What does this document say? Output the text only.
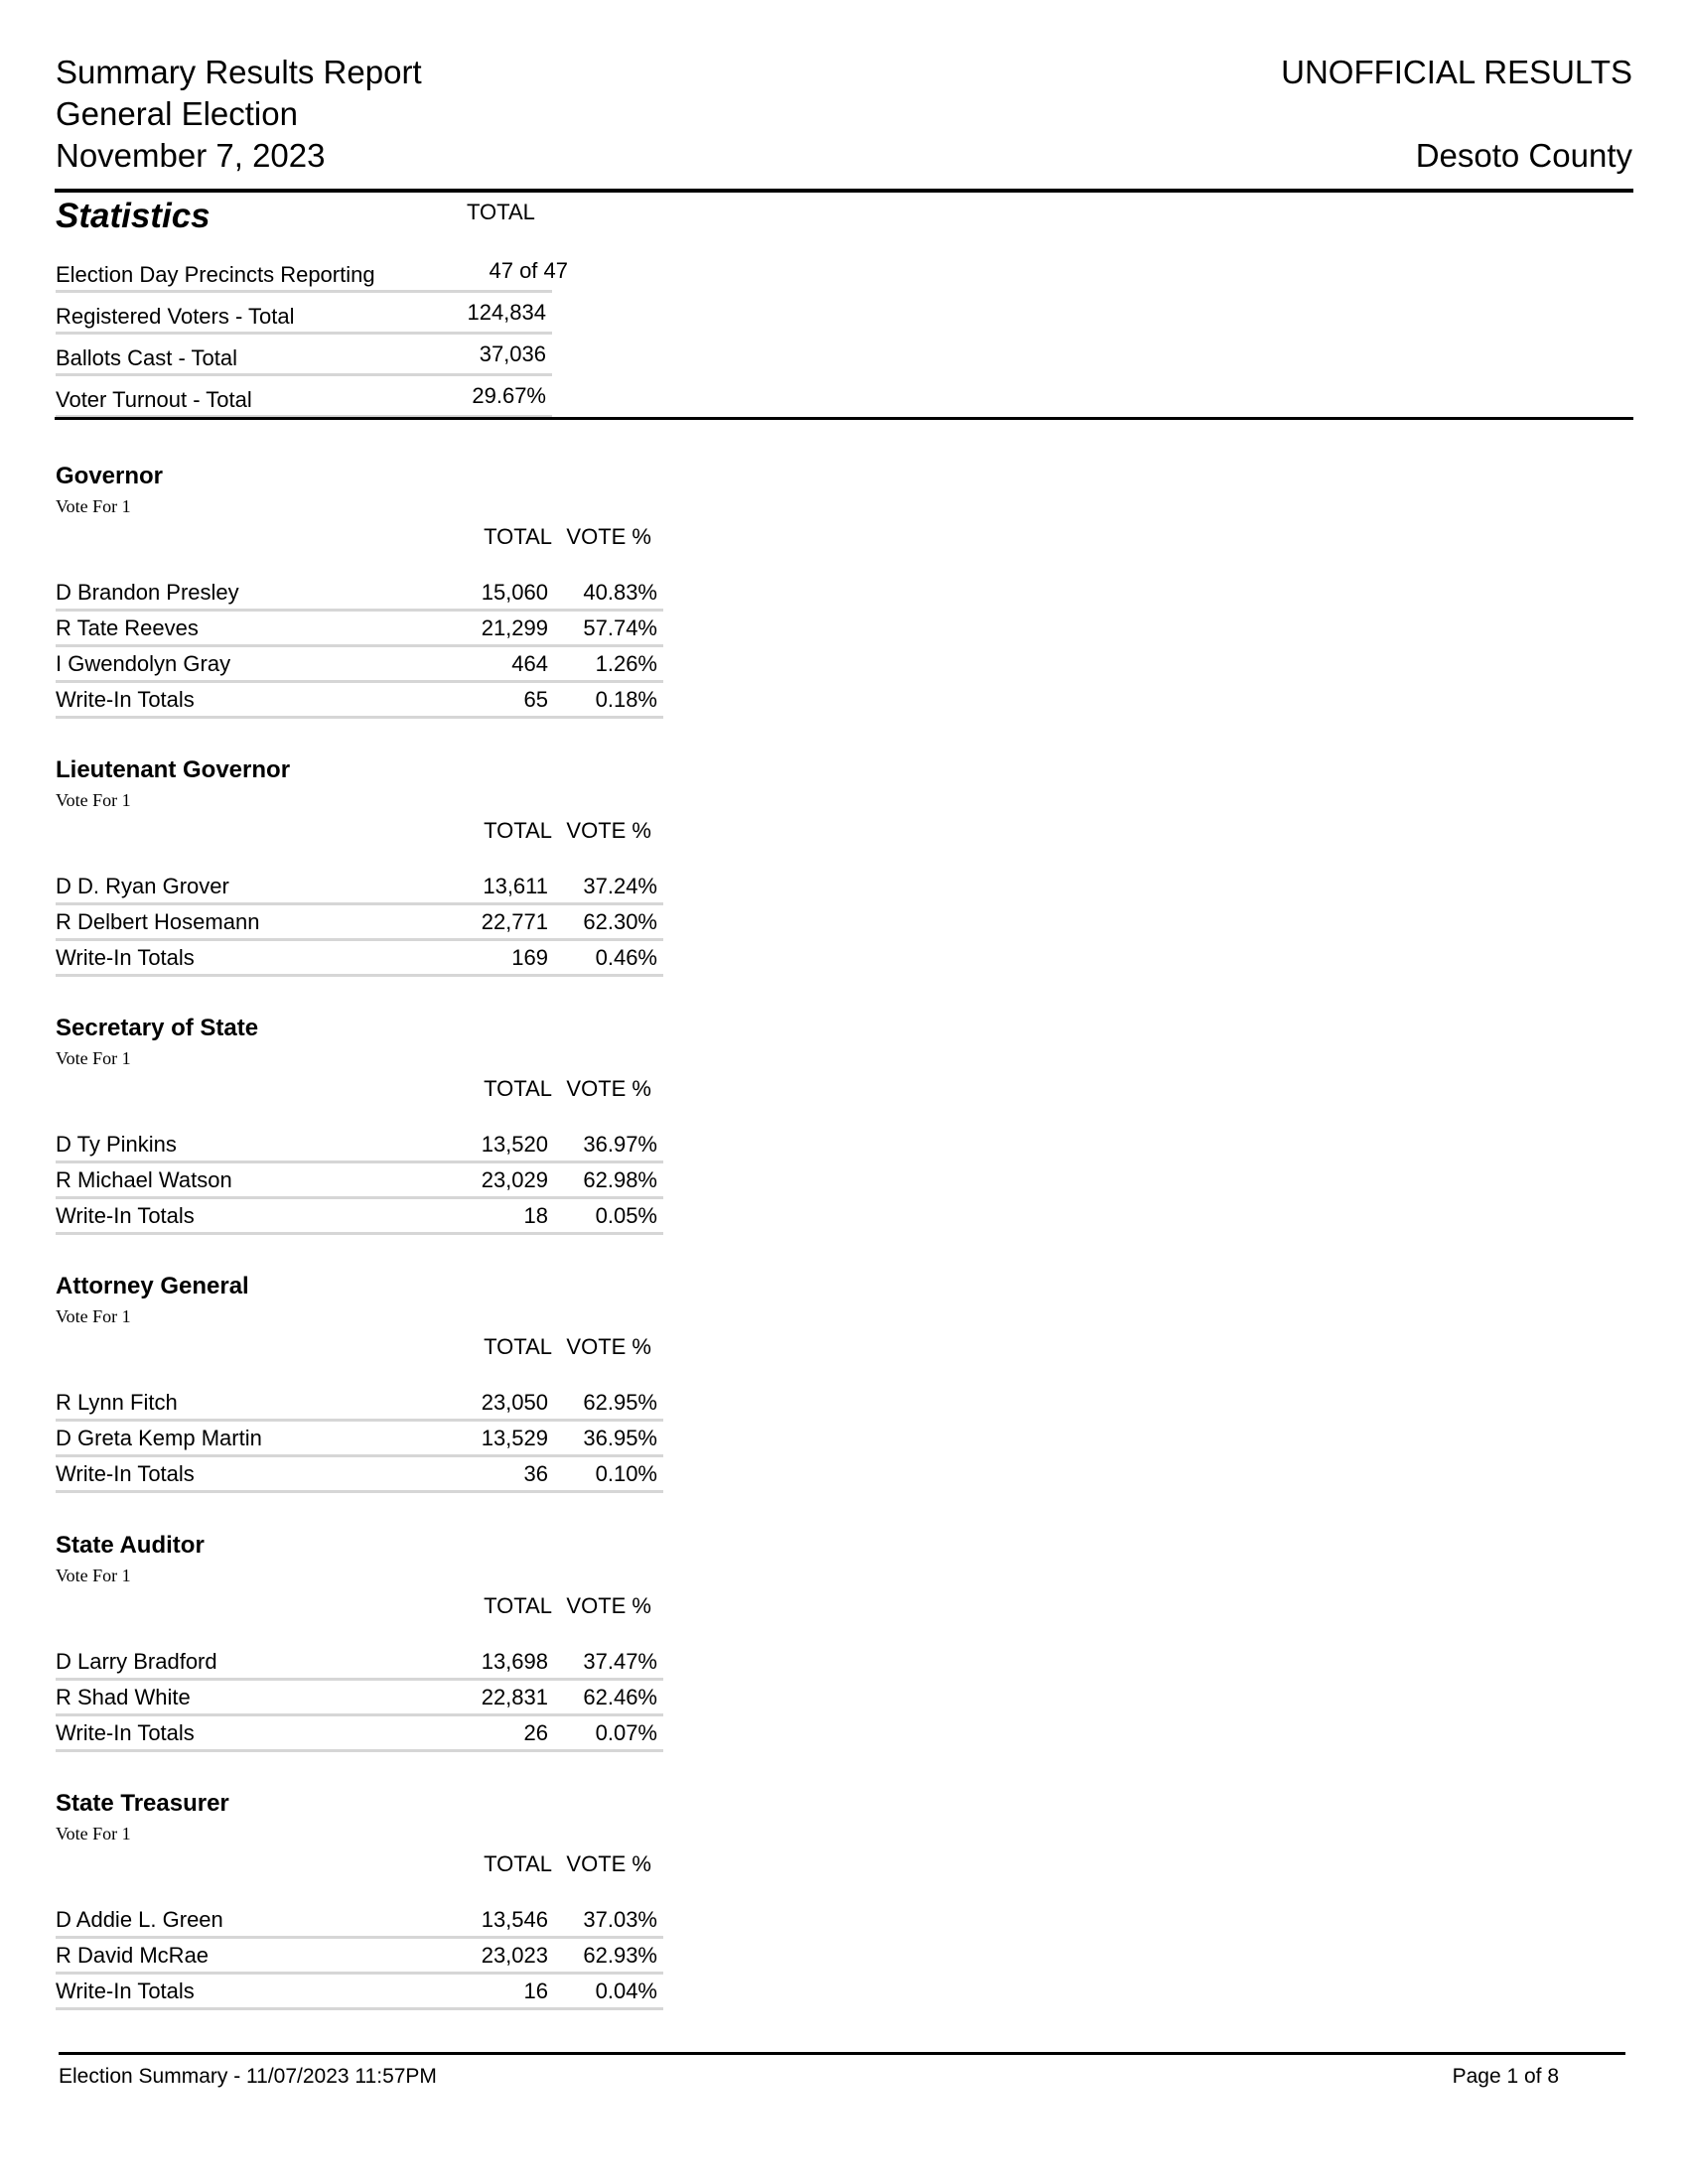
Summary Results Report
General Election
November 7, 2023
UNOFFICIAL RESULTS
Desoto County
Statistics	TOTAL
Election Day Precincts Reporting	47 of 47
Registered Voters - Total	124,834
Ballots Cast - Total	37,036
Voter Turnout - Total	29.67%
Governor
Vote For 1
TOTAL VOTE %
D Brandon Presley	15,060 40.83%
R Tate Reeves	21,299 57.74%
I Gwendolyn Gray	464 1.26%
Write-In Totals	65 0.18%
Lieutenant Governor
Vote For 1
TOTAL VOTE %
D D. Ryan Grover	13,611 37.24%
R Delbert Hosemann	22,771 62.30%
Write-In Totals	169 0.46%
Secretary of State
Vote For 1
TOTAL VOTE %
D Ty Pinkins	13,520 36.97%
R Michael Watson	23,029 62.98%
Write-In Totals	18 0.05%
Attorney General
Vote For 1
TOTAL VOTE %
R Lynn Fitch	23,050 62.95%
D Greta Kemp Martin	13,529 36.95%
Write-In Totals	36 0.10%
State Auditor
Vote For 1
TOTAL VOTE %
D Larry Bradford	13,698 37.47%
R Shad White	22,831 62.46%
Write-In Totals	26 0.07%
State Treasurer
Vote For 1
TOTAL VOTE %
D Addie L. Green	13,546 37.03%
R David McRae	23,023 62.93%
Write-In Totals	16 0.04%
Election Summary - 11/07/2023 11:57PM	Page 1 of 8
